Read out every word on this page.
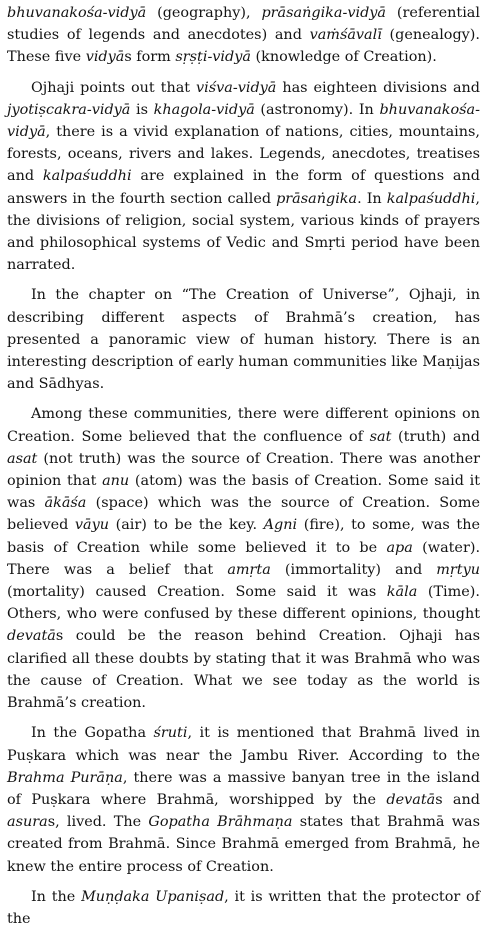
bhuvanakośa-vidyā (geography), prāsaṅgika-vidyā (referential studies of legends and anecdotes) and vaṁśāvalī (genealogy). These five vidyās form sṛṣṭi-vidyā (knowledge of Creation).

Ojhaji points out that viśva-vidyā has eighteen divisions and jyotiṣcakra-vidyā is khagola-vidyā (astronomy). In bhuvanakośa-vidyā, there is a vivid explanation of nations, cities, mountains, forests, oceans, rivers and lakes. Legends, anecdotes, treatises and kalpaśuddhi are explained in the form of questions and answers in the fourth section called prāsaṅgika. In kalpaśuddhi, the divisions of religion, social system, various kinds of prayers and philosophical systems of Vedic and Smṛti period have been narrated.

In the chapter on “The Creation of Universe”, Ojhaji, in describing different aspects of Brahmā’s creation, has presented a panoramic view of human history. There is an interesting description of early human communities like Maṇijas and Sādhyas.

Among these communities, there were different opinions on Creation. Some believed that the confluence of sat (truth) and asat (not truth) was the source of Creation. There was another opinion that anu (atom) was the basis of Creation. Some said it was ākāśa (space) which was the source of Creation. Some believed vāyu (air) to be the key. Agni (fire), to some, was the basis of Creation while some believed it to be apa (water). There was a belief that amṛta (immortality) and mṛtyu (mortality) caused Creation. Some said it was kāla (Time). Others, who were confused by these different opinions, thought devatās could be the reason behind Creation. Ojhaji has clarified all these doubts by stating that it was Brahmā who was the cause of Creation. What we see today as the world is Brahmā’s creation.

In the Gopatha śruti, it is mentioned that Brahmā lived in Puṣkara which was near the Jambu River. According to the Brahma Purāṇa, there was a massive banyan tree in the island of Puṣkara where Brahmā, worshipped by the devatās and asuras, lived. The Gopatha Brāhmaṇa states that Brahmā was created from Brahmā. Since Brahmā emerged from Brahmā, he knew the entire process of Creation.

In the Muṇḍaka Upaniṣad, it is written that the protector of the
